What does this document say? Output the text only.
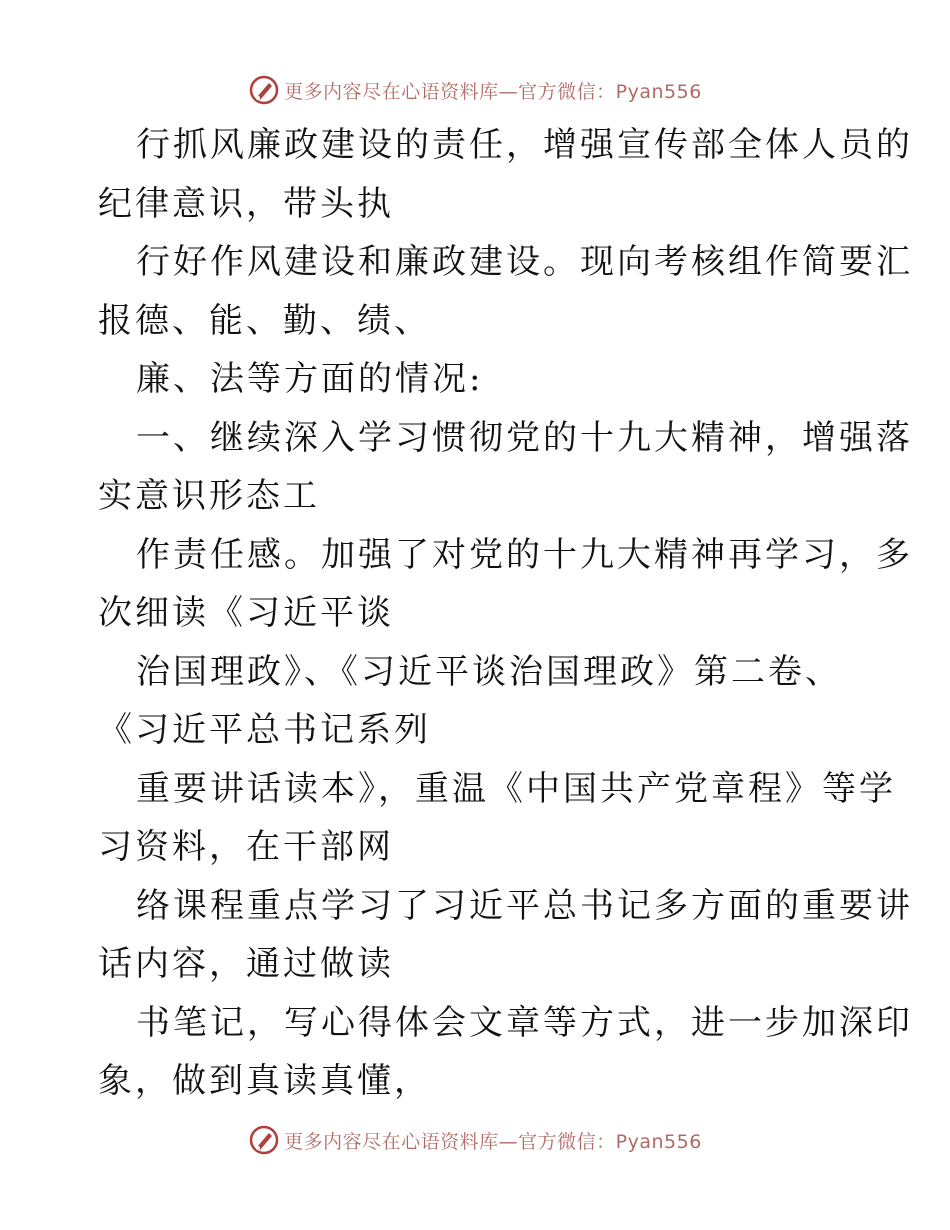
更多内容尽在心语资料库—官方微信：Pyan556
行抓风廉政建设的责任，增强宣传部全体人员的
纪律意识，带头执
行好作风建设和廉政建设。现向考核组作简要汇
报德、能、勤、绩、
廉、法等方面的情况:
一、继续深入学习惯彻党的十九大精神，增强落
实意识形态工
作责任感。加强了对党的十九大精神再学习，多
次细读《习近平谈
治国理政》、《习近平谈治国理政》第二卷、
《习近平总书记系列
重要讲话读本》，重温《中国共产党章程》等学
习资料，在干部网
络课程重点学习了习近平总书记多方面的重要讲
话内容，通过做读
书笔记，写心得体会文章等方式，进一步加深印
象，做到真读真懂，
更多内容尽在心语资料库—官方微信：Pyan556
